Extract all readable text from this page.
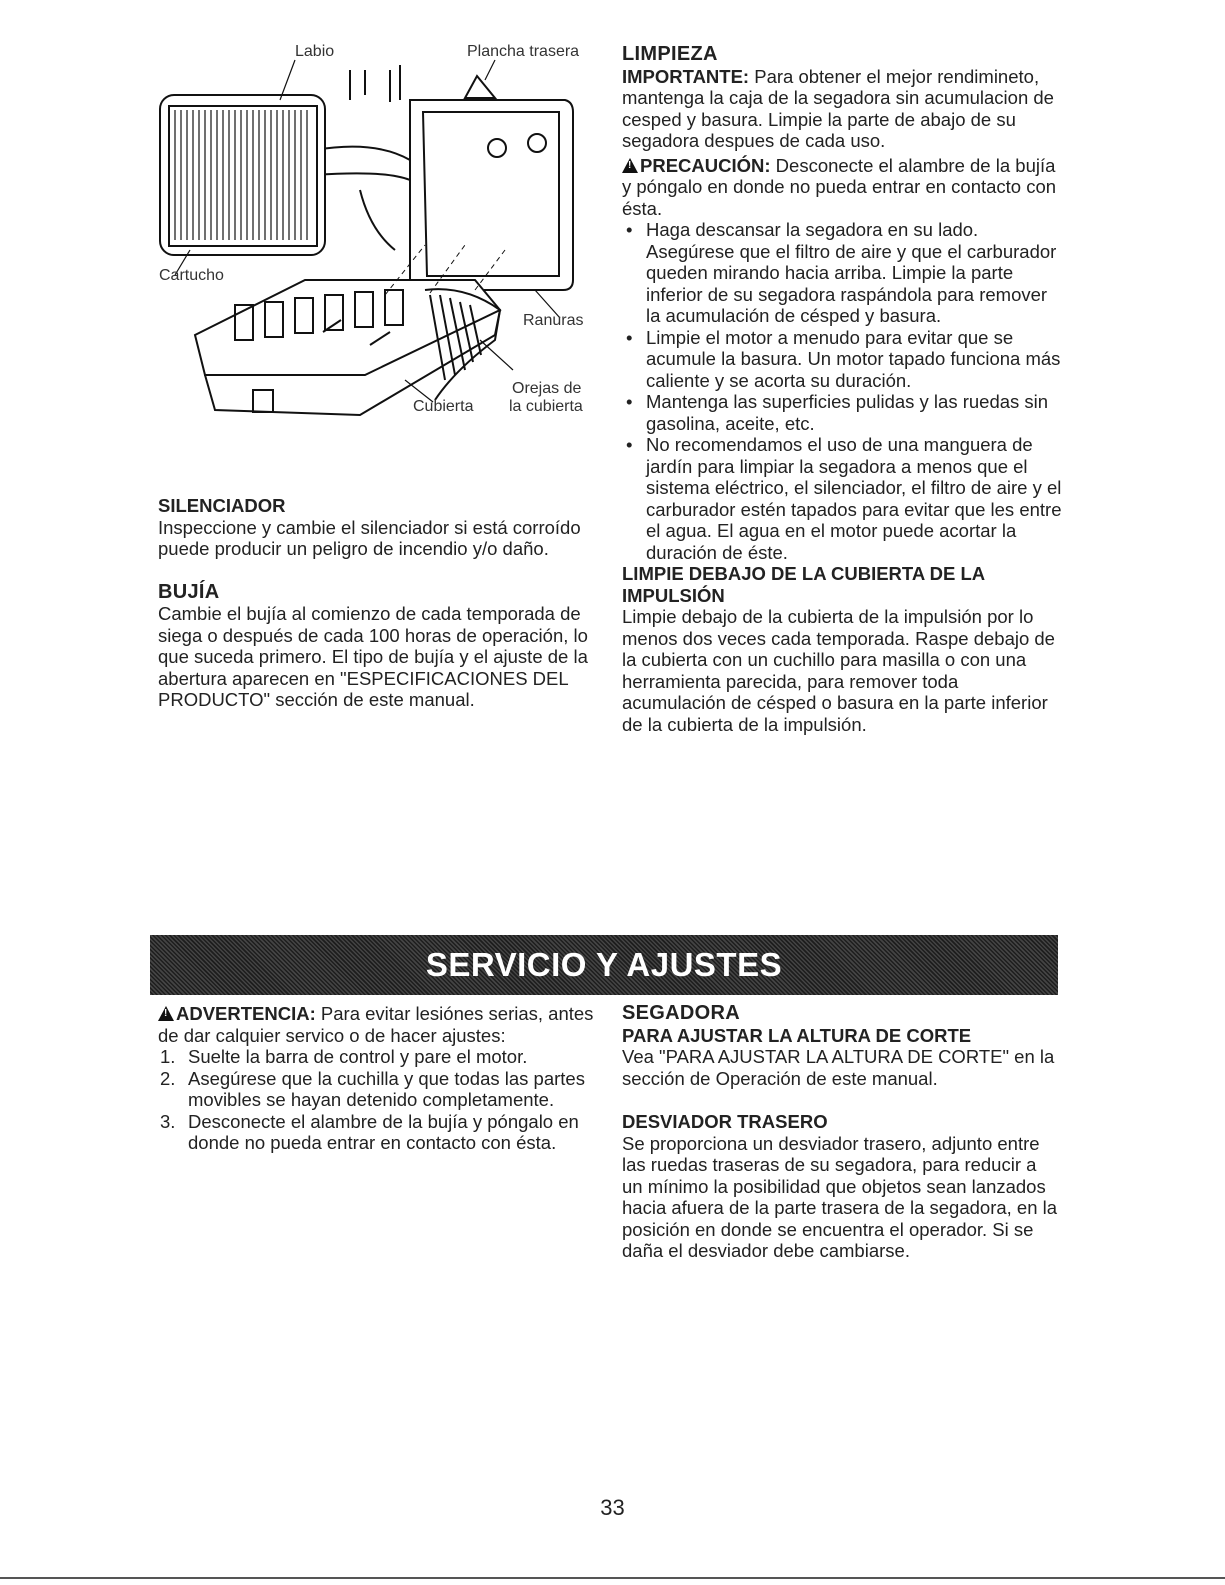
Labio	Plancha trasera
Cartucho
Ranuras
Orejas de
la cubierta
Cubierta
SILENCIADOR

Inspeccione y cambie el silenciador si está corroído puede producir un peligro de incendio y/o daño.

BUJÍA

Cambie el bujía al comienzo de cada temporada de siega o después de cada 100 horas de operación, lo que suceda primero. El tipo de bujía y el ajuste de la abertura aparecen en "ESPECIFICACIONES DEL PRODUCTO" sección de este manual.

LIMPIEZA

IMPORTANTE: Para obtener el mejor rendimineto, mantenga la caja de la segadora sin acumulacion de cesped y basura. Limpie la parte de abajo de su segadora despues de cada uso.

!PRECAUCIÓN: Desconecte el alambre de la bujía y póngalo en donde no pueda entrar en contacto con ésta.

• Haga descansar la segadora en su lado. Asegúrese que el filtro de aire y que el carburador queden mirando hacia arriba. Limpie la parte inferior de su segadora raspándola para remover la acumulación de césped y basura.

• Limpie el motor a menudo para evitar que se acumule la basura. Un motor tapado funciona más caliente y se acorta su duración.

• Mantenga las superficies pulidas y las ruedas sin gasolina, aceite, etc.

• No recomendamos el uso de una manguera de jardín para limpiar la segadora a menos que el sistema eléctrico, el silenciador, el filtro de aire y el carburador estén tapados para evitar que les entre el agua. El agua en el motor puede acortar la duración de éste.

LIMPIE DEBAJO DE LA CUBIERTA DE LA IMPULSIÓN

Limpie debajo de la cubierta de la impulsión por lo menos dos veces cada temporada. Raspe debajo de la cubierta con un cuchillo para masilla o con una herramienta parecida, para remover toda acumulación de césped o basura en la parte inferior de la cubierta de la impulsión.

SERVICIO Y AJUSTES

!ADVERTENCIA: Para evitar lesiónes serias, antes de dar calquier servico o de hacer ajustes:

1. Suelte la barra de control y pare el motor.

2. Asegúrese que la cuchilla y que todas las partes movibles se hayan detenido completamente.

3. Desconecte el alambre de la bujía y póngalo en donde no pueda entrar en contacto con ésta.

SEGADORA
PARA AJUSTAR LA ALTURA DE CORTE

Vea "PARA AJUSTAR LA ALTURA DE CORTE" en la sección de Operación de este manual.

DESVIADOR TRASERO

Se proporciona un desviador trasero, adjunto entre las ruedas traseras de su segadora, para reducir a un mínimo la posibilidad que objetos sean lanzados hacia afuera de la parte trasera de la segadora, en la posición en donde se encuentra el operador. Si se daña el desviador debe cambiarse.

33
